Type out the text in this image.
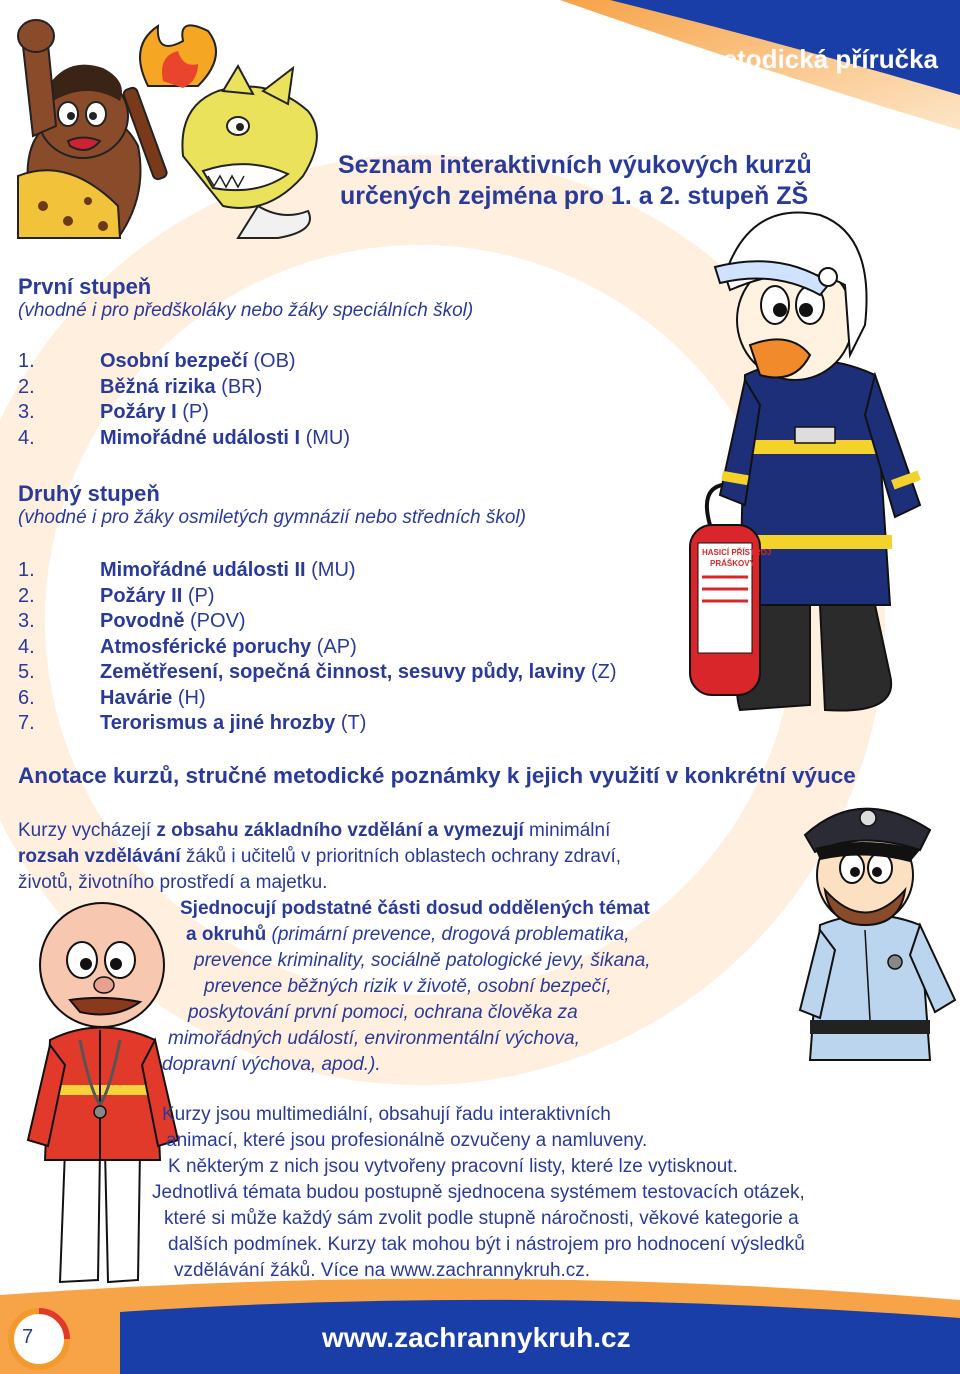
metodická příručka
Seznam interaktivních výukových kurzů
určených zejména pro 1. a 2. stupeň ZŠ
První stupeň
(vhodné i pro předškoláky nebo žáky speciálních škol)
1.	Osobní bezpečí (OB)
2.	Běžná rizika (BR)
3.	Požáry I (P)
4.	Mimořádné události I (MU)
Druhý stupeň
(vhodné i pro žáky osmiletých gymnázií nebo středních škol)
1.	Mimořádné události II (MU)
2.	Požáry II (P)
3.	Povodně (POV)
4.	Atmosférické poruchy (AP)
5.	Zemětřesení, sopečná činnost, sesuvy půdy, laviny (Z)
6.	Havárie (H)
7.	Terorismus a jiné hrozby (T)
HASICÍ PŘÍSTROJ
PRÁŠKOVÝ
Anotace kurzů, stručné metodické poznámky k jejich využití v konkrétní výuce
Kurzy vycházejí z obsahu základního vzdělání a vymezují minimální
rozsah vzdělávání žáků i učitelů v prioritních oblastech ochrany zdraví,
životů, životního prostředí a majetku.
Sjednocují podstatné části dosud oddělených témat
a okruhů (primární prevence, drogová problematika,
prevence kriminality, sociálně patologické jevy, šikana,
prevence běžných rizik v životě, osobní bezpečí,
poskytování první pomoci, ochrana člověka za
mimořádných událostí, environmentální výchova,
dopravní výchova, apod.).
Kurzy jsou multimediální, obsahují řadu interaktivních
animací, které jsou profesionálně ozvučeny a namluveny.
K některým z nich jsou vytvořeny pracovní listy, které lze vytisknout.
Jednotlivá témata budou postupně sjednocena systémem testovacích otázek,
které si může každý sám zvolit podle stupně náročnosti, věkové kategorie a
dalších podmínek. Kurzy tak mohou být i nástrojem pro hodnocení výsledků
vzdělávání žáků. Více na www.zachrannykruh.cz.
7	www.zachrannykruh.cz
